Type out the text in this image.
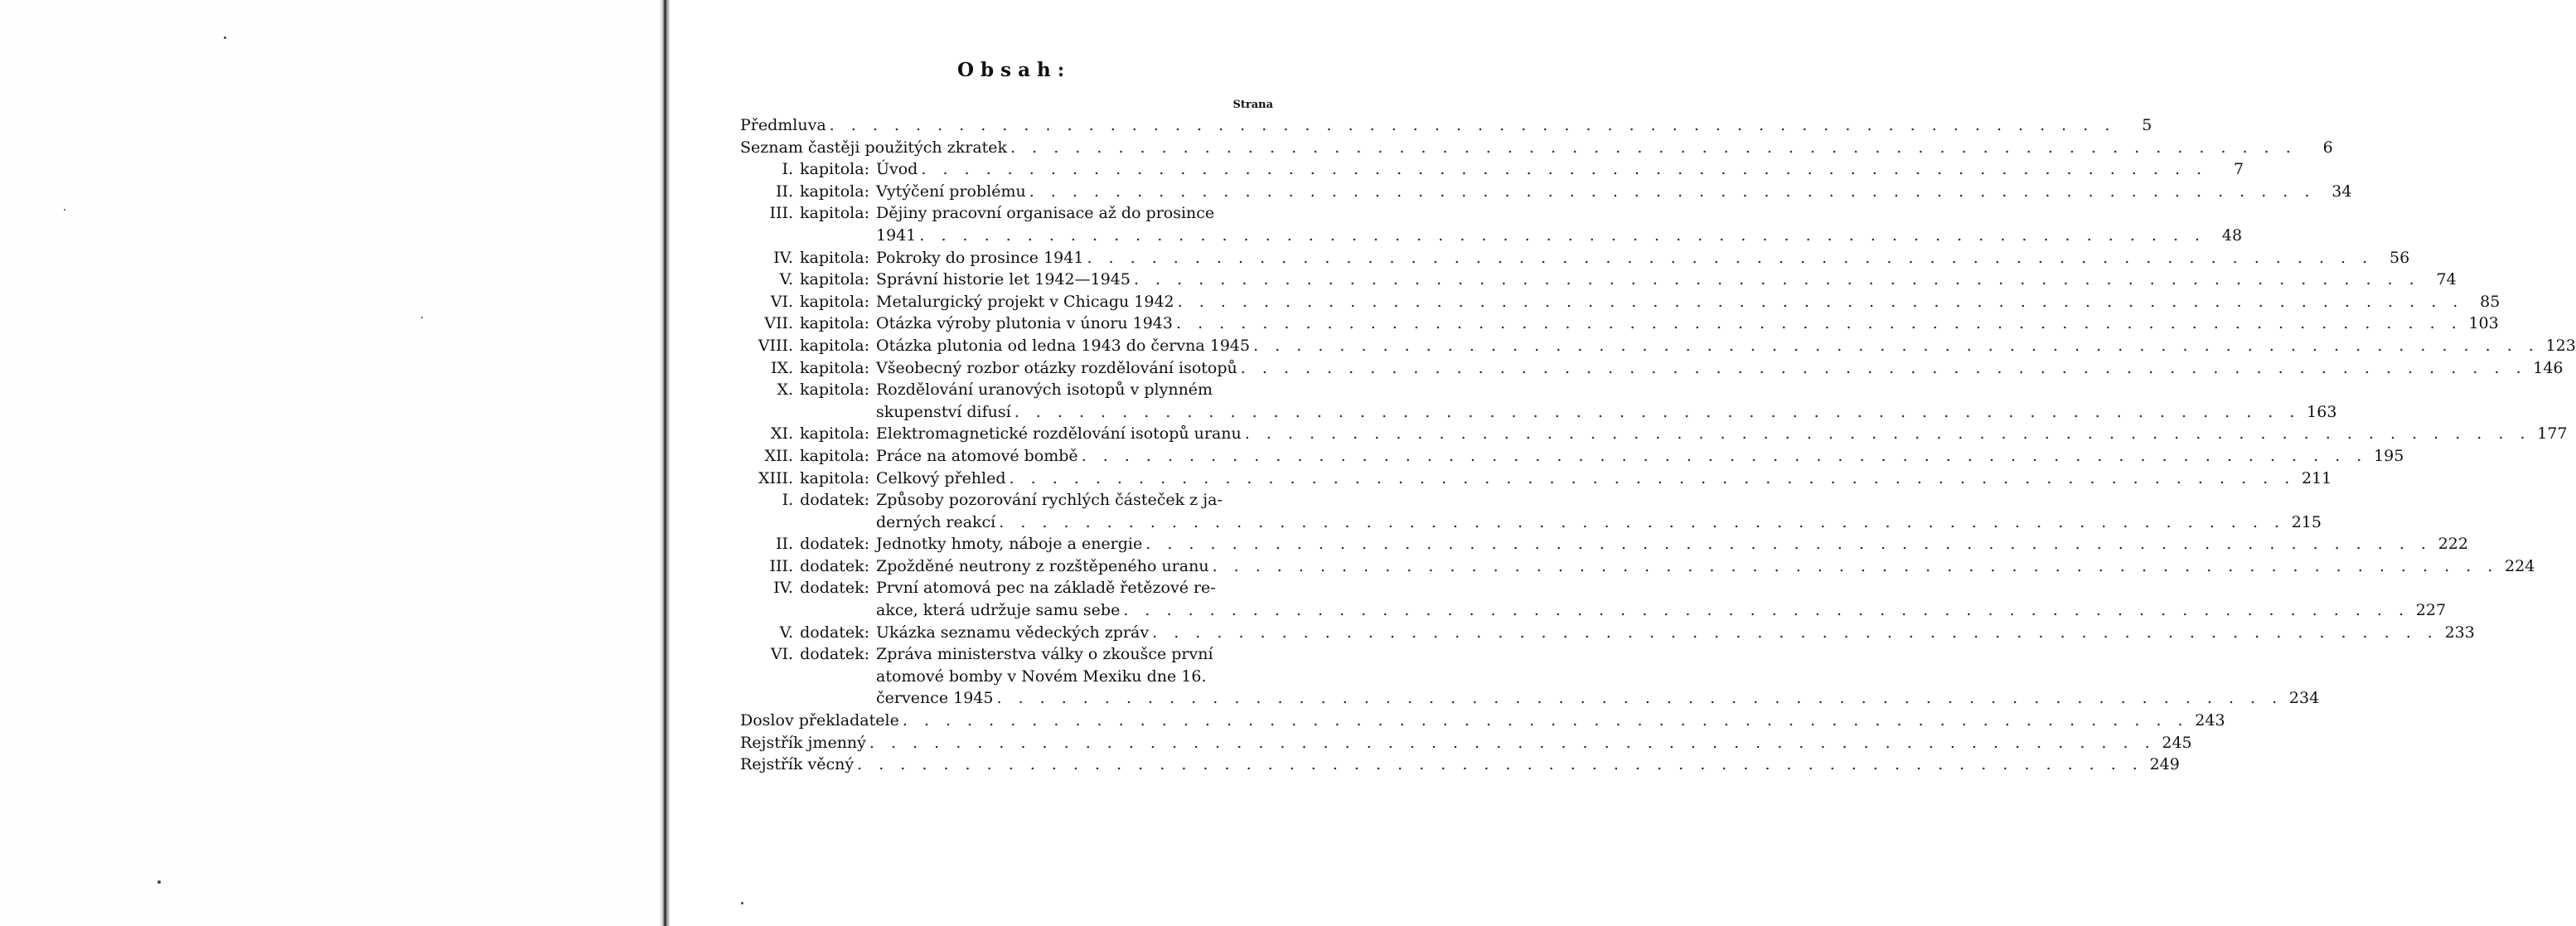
Obsah:
Strana
Předmluva . . . . . . . . . . . . . . . . . . . . . . . . . . . . . . . . . . . . . . . . . . . . . . . . . . . . . . . . . . . .	5
Seznam častěji použitých zkratek . . . . . . . . . . . . . . . . . . . . . . . . . . . . . . . . . . . . . . . . . . . . . . . . . . . . . . . . . . . .	6
I. kapitola: Úvod . . . . . . . . . . . . . . . . . . . . . . . . . . . . . . . . . . . . . . . . . . . . . . . . . . . . . . . . . . . .	7
II. kapitola: Vytýčení problému . . . . . . . . . . . . . . . . . . . . . . . . . . . . . . . . . . . . . . . . . . . . . . . . . . . . . . . . . . . .	34
III. kapitola: Dějiny pracovní organisace až do prosince
1941 . . . . . . . . . . . . . . . . . . . . . . . . . . . . . . . . . . . . . . . . . . . . . . . . . . . . . . . . . . . .	48
IV. kapitola: Pokroky do prosince 1941 . . . . . . . . . . . . . . . . . . . . . . . . . . . . . . . . . . . . . . . . . . . . . . . . . . . . . . . . . . . .	56
V. kapitola: Správní historie let 1942—1945 . . . . . . . . . . . . . . . . . . . . . . . . . . . . . . . . . . . . . . . . . . . . . . . . . . . . . . . . . . . .	74
VI. kapitola: Metalurgický projekt v Chicagu 1942 . . . . . . . . . . . . . . . . . . . . . . . . . . . . . . . . . . . . . . . . . . . . . . . . . . . . . . . . . . . .	85
VII. kapitola: Otázka výroby plutonia v únoru 1943 . . . . . . . . . . . . . . . . . . . . . . . . . . . . . . . . . . . . . . . . . . . . . . . . . . . . . . . . . . . . 103
VIII. kapitola: Otázka plutonia od ledna 1943 do června 1945 . . . . . . . . . . . . . . . . . . . . . . . . . . . . . . . . . . . . . . . . . . . . . . . . . . . . . . . . . . . . 123
IX. kapitola: Všeobecný rozbor otázky rozdělování isotopů . . . . . . . . . . . . . . . . . . . . . . . . . . . . . . . . . . . . . . . . . . . . . . . . . . . . . . . . . . . . 146
X. kapitola: Rozdělování uranových isotopů v plynném
skupenství difusí . . . . . . . . . . . . . . . . . . . . . . . . . . . . . . . . . . . . . . . . . . . . . . . . . . . . . . . . . . . . 163
XI. kapitola: Elektromagnetické rozdělování isotopů uranu . . . . . . . . . . . . . . . . . . . . . . . . . . . . . . . . . . . . . . . . . . . . . . . . . . . . . . . . . . . . 177
XII. kapitola: Práce na atomové bombě . . . . . . . . . . . . . . . . . . . . . . . . . . . . . . . . . . . . . . . . . . . . . . . . . . . . . . . . . . . . 195
XIII. kapitola: Celkový přehled . . . . . . . . . . . . . . . . . . . . . . . . . . . . . . . . . . . . . . . . . . . . . . . . . . . . . . . . . . . . 211
I. dodatek: Způsoby pozorování rychlých částeček z ja-
derných reakcí . . . . . . . . . . . . . . . . . . . . . . . . . . . . . . . . . . . . . . . . . . . . . . . . . . . . . . . . . . . . 215
II. dodatek: Jednotky hmoty, náboje a energie . . . . . . . . . . . . . . . . . . . . . . . . . . . . . . . . . . . . . . . . . . . . . . . . . . . . . . . . . . . . 222
III. dodatek: Zpožděné neutrony z rozštěpeného uranu . . . . . . . . . . . . . . . . . . . . . . . . . . . . . . . . . . . . . . . . . . . . . . . . . . . . . . . . . . . . 224
IV. dodatek: První atomová pec na základě řetězové re-
akce, která udržuje samu sebe . . . . . . . . . . . . . . . . . . . . . . . . . . . . . . . . . . . . . . . . . . . . . . . . . . . . . . . . . . . . 227
V. dodatek: Ukázka seznamu vědeckých zpráv . . . . . . . . . . . . . . . . . . . . . . . . . . . . . . . . . . . . . . . . . . . . . . . . . . . . . . . . . . . . 233
VI. dodatek: Zpráva ministerstva války o zkoušce první
atomové bomby v Novém Mexiku dne 16.
července 1945 . . . . . . . . . . . . . . . . . . . . . . . . . . . . . . . . . . . . . . . . . . . . . . . . . . . . . . . . . . . . 234
Doslov překladatele . . . . . . . . . . . . . . . . . . . . . . . . . . . . . . . . . . . . . . . . . . . . . . . . . . . . . . . . . . . . 243
Rejstřík jmenný . . . . . . . . . . . . . . . . . . . . . . . . . . . . . . . . . . . . . . . . . . . . . . . . . . . . . . . . . . . . 245
Rejstřík věcný . . . . . . . . . . . . . . . . . . . . . . . . . . . . . . . . . . . . . . . . . . . . . . . . . . . . . . . . . . . . 249
